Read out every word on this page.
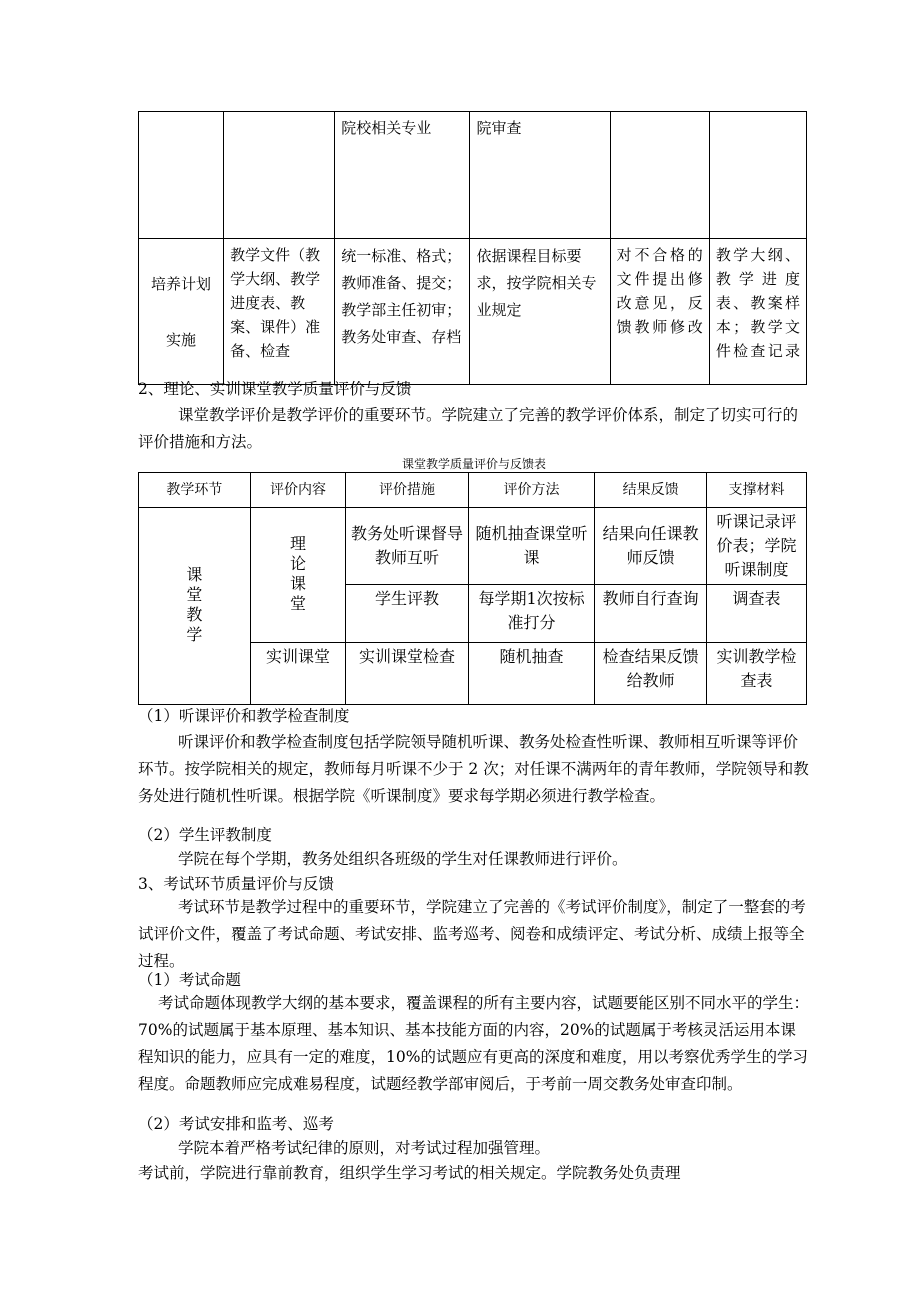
		院校相关专业	院审查		

培养计划
实施	教学文件（教学大纲、教学进度表、教案、课件）准备、检查	统一标准、格式；
教师准备、提交；
教学部主任初审；
教务处审查、存档	依据课程目标要求，按学院相关专业规定	对不合格的文件提出修改意见，反馈教师修改	教学大纲、教学进度表、教案样本；教学文件检查记录
2、理论、实训课堂教学质量评价与反馈
课堂教学评价是教学评价的重要环节。学院建立了完善的教学评价体系，制定了切实可行的评价措施和方法。
课堂教学质量评价与反馈表
教学环节	评价内容	评价措施	评价方法	结果反馈	支撑材料
课堂教学	理论课堂	教务处听课督导教师互听	随机抽查课堂听课	结果向任课教师反馈	听课记录评价表；学院听课制度
		学生评教	每学期1次按标准打分	教师自行查询	调查表
	实训课堂	实训课堂检查	随机抽查	检查结果反馈给教师	实训教学检查表
（1）听课评价和教学检查制度
听课评价和教学检查制度包括学院领导随机听课、教务处检查性听课、教师相互听课等评价环节。按学院相关的规定，教师每月听课不少于 2 次；对任课不满两年的青年教师，学院领导和教务处进行随机性听课。根据学院《听课制度》要求每学期必须进行教学检查。
（2）学生评教制度
学院在每个学期，教务处组织各班级的学生对任课教师进行评价。
3、考试环节质量评价与反馈
考试环节是教学过程中的重要环节，学院建立了完善的《考试评价制度》，制定了一整套的考试评价文件，覆盖了考试命题、考试安排、监考巡考、阅卷和成绩评定、考试分析、成绩上报等全过程。
（1）考试命题
考试命题体现教学大纲的基本要求，覆盖课程的所有主要内容，试题要能区别不同水平的学生：70%的试题属于基本原理、基本知识、基本技能方面的内容，20%的试题属于考核灵活运用本课程知识的能力，应具有一定的难度，10%的试题应有更高的深度和难度，用以考察优秀学生的学习程度。命题教师应完成难易程度，试题经教学部审阅后，于考前一周交教务处审查印制。
（2）考试安排和监考、巡考
学院本着严格考试纪律的原则，对考试过程加强管理。
考试前，学院进行靠前教育，组织学生学习考试的相关规定。学院教务处负责理
